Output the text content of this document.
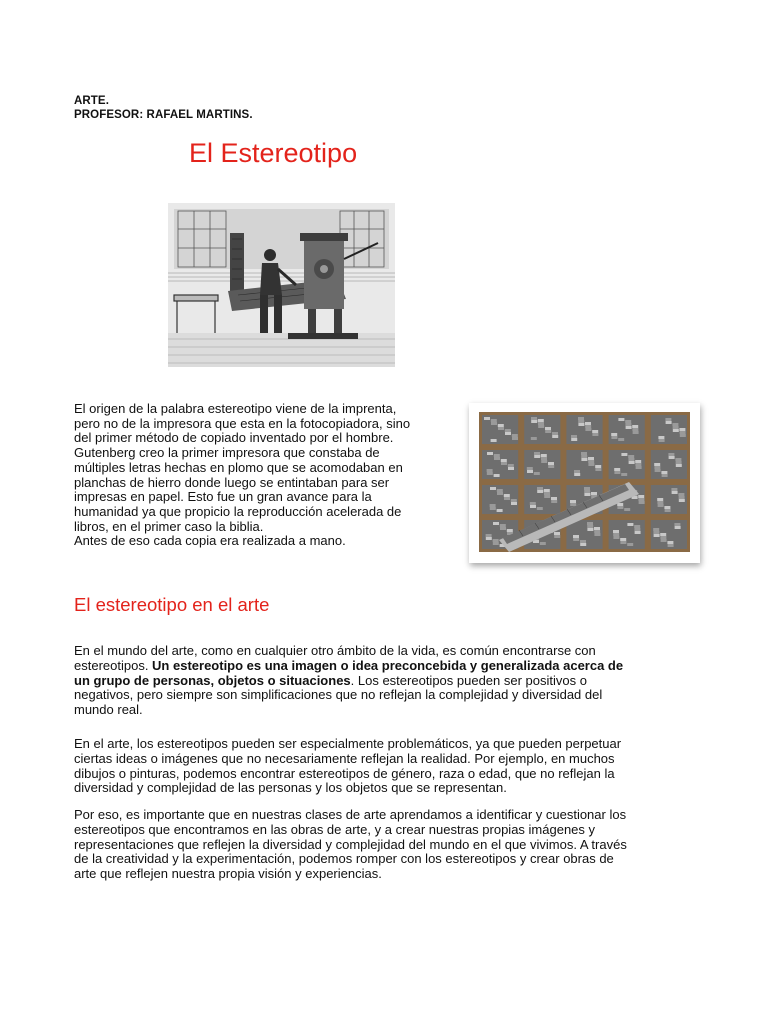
ARTE.
PROFESOR: RAFAEL MARTINS.
El Estereotipo

El origen de la palabra estereotipo viene de la imprenta,
pero no de la impresora que esta en la fotocopiadora, sino
del primer método de copiado inventado por el hombre.
Gutenberg creo la primer impresora que constaba de
múltiples letras hechas en plomo que se acomodaban en
planchas de hierro donde luego se entintaban para ser
impresas en papel. Esto fue un gran avance para la
humanidad ya que propicio la reproducción acelerada de
libros, en el primer caso la biblia.
Antes de eso cada copia era realizada a mano.

El estereotipo en el arte

En el mundo del arte, como en cualquier otro ámbito de la vida, es común encontrarse con
estereotipos. Un estereotipo es una imagen o idea preconcebida y generalizada acerca de
un grupo de personas, objetos o situaciones. Los estereotipos pueden ser positivos o
negativos, pero siempre son simplificaciones que no reflejan la complejidad y diversidad del
mundo real.

En el arte, los estereotipos pueden ser especialmente problemáticos, ya que pueden perpetuar
ciertas ideas o imágenes que no necesariamente reflejan la realidad. Por ejemplo, en muchos
dibujos o pinturas, podemos encontrar estereotipos de género, raza o edad, que no reflejan la
diversidad y complejidad de las personas y los objetos que se representan.

Por eso, es importante que en nuestras clases de arte aprendamos a identificar y cuestionar los
estereotipos que encontramos en las obras de arte, y a crear nuestras propias imágenes y
representaciones que reflejen la diversidad y complejidad del mundo en el que vivimos. A través
de la creatividad y la experimentación, podemos romper con los estereotipos y crear obras de
arte que reflejen nuestra propia visión y experiencias.
